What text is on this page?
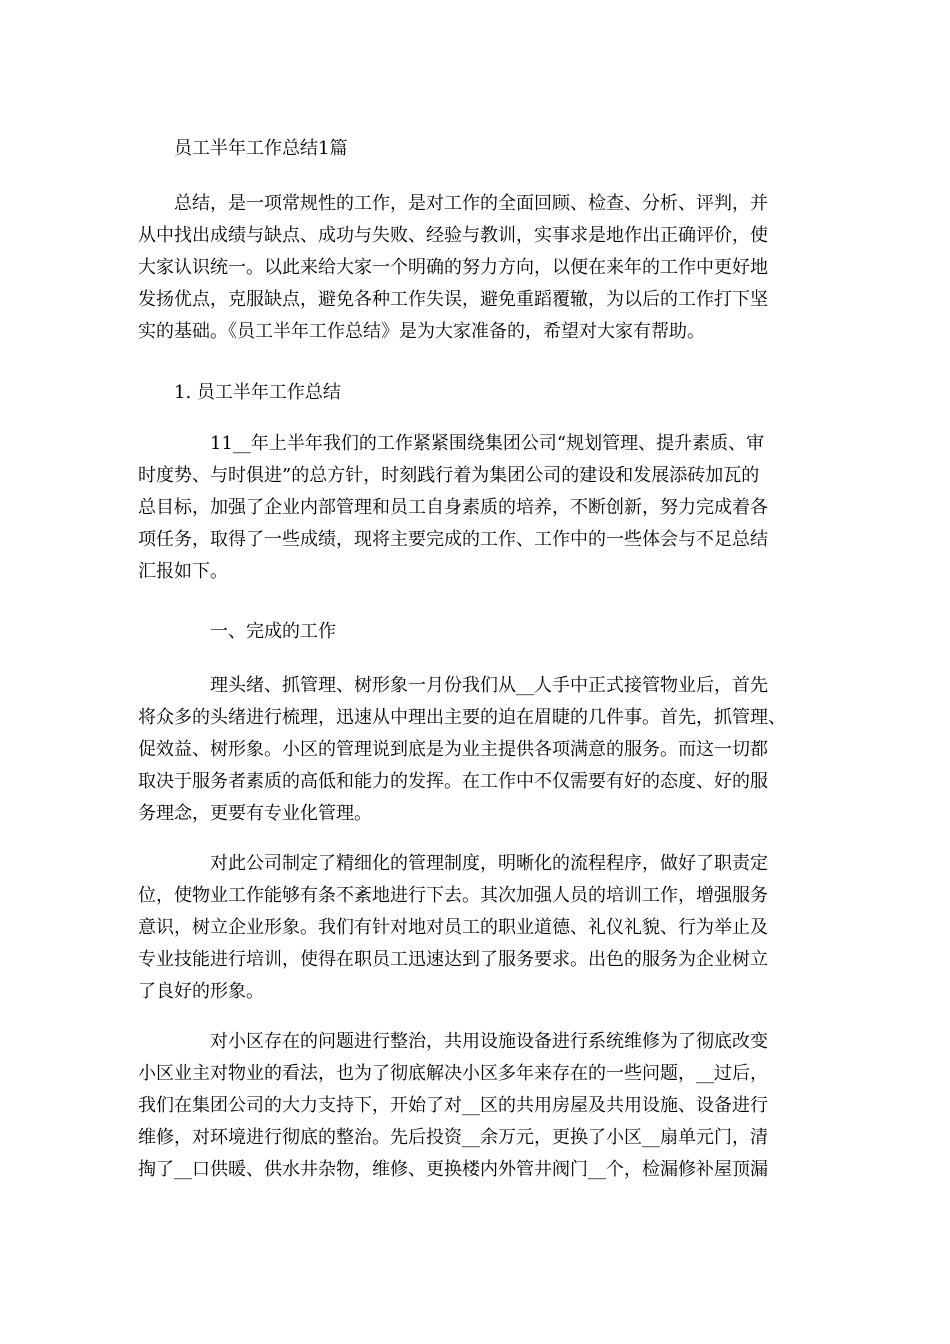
员工半年工作总结1篇
总结，是一项常规性的工作，是对工作的全面回顾、检查、分析、评判，并
从中找出成绩与缺点、成功与失败、经验与教训，实事求是地作出正确评价，使
大家认识统一。以此来给大家一个明确的努力方向，以便在来年的工作中更好地
发扬优点，克服缺点，避免各种工作失误，避免重蹈覆辙，为以后的工作打下坚
实的基础。《员工半年工作总结》是为大家准备的，希望对大家有帮助。
1. 员工半年工作总结
11__年上半年我们的工作紧紧围绕集团公司“规划管理、提升素质、审
时度势、与时俱进”的总方针，时刻践行着为集团公司的建设和发展添砖加瓦的
总目标，加强了企业内部管理和员工自身素质的培养，不断创新，努力完成着各
项任务，取得了一些成绩，现将主要完成的工作、工作中的一些体会与不足总结
汇报如下。
一、完成的工作
理头绪、抓管理、树形象一月份我们从__人手中正式接管物业后，首先
将众多的头绪进行梳理，迅速从中理出主要的迫在眉睫的几件事。首先，抓管理、
促效益、树形象。小区的管理说到底是为业主提供各项满意的服务。而这一切都
取决于服务者素质的高低和能力的发挥。在工作中不仅需要有好的态度、好的服
务理念，更要有专业化管理。
对此公司制定了精细化的管理制度，明晰化的流程程序，做好了职责定
位，使物业工作能够有条不紊地进行下去。其次加强人员的培训工作，增强服务
意识，树立企业形象。我们有针对地对员工的职业道德、礼仪礼貌、行为举止及
专业技能进行培训，使得在职员工迅速达到了服务要求。出色的服务为企业树立
了良好的形象。
对小区存在的问题进行整治，共用设施设备进行系统维修为了彻底改变
小区业主对物业的看法，也为了彻底解决小区多年来存在的一些问题，__过后，
我们在集团公司的大力支持下，开始了对__区的共用房屋及共用设施、设备进行
维修，对环境进行彻底的整治。先后投资__余万元，更换了小区__扇单元门，清
掏了__口供暖、供水井杂物，维修、更换楼内外管井阀门__个，检漏修补屋顶漏
